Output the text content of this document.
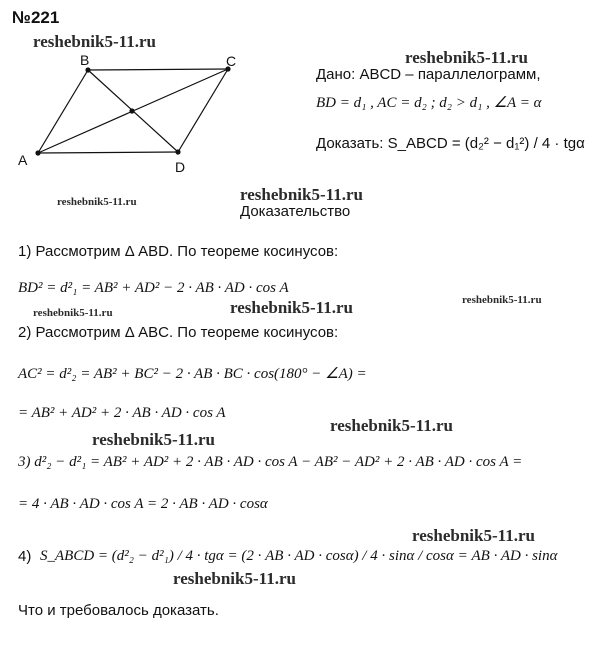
№221
reshebnik5-11.ru
reshebnik5-11.ru
reshebnik5-11.ru
reshebnik5-11.ru
reshebnik5-11.ru
reshebnik5-11.ru	reshebnik5-11.ru
reshebnik5-11.ru
reshebnik5-11.ru
reshebnik5-11.ru
reshebnik5-11.ru
A
B	C
D
Дано: ABCD – параллелограмм,
BD = d₁ , AC = d₂ ; d₂ > d₁ , ∠A = α
Доказать: S_ABCD = (d₂² − d₁²) / 4 · tgα
Доказательство
1) Рассмотрим Δ ABD. По теореме косинусов:
BD² = d²₁ = AB² + AD² − 2 · AB · AD · cos A
2) Рассмотрим Δ ABC. По теореме косинусов:
AC² = d²₂ = AB² + BC² − 2 · AB · BC · cos(180° − ∠A) =
= AB² + AD² + 2 · AB · AD · cos A
3) d²₂ − d²₁ = AB² + AD² + 2 · AB · AD · cos A − AB² − AD² + 2 · AB · AD · cos A =
= 4 · AB · AD · cos A = 2 · AB · AD · cosα
4) S_ABCD = (d²₂ − d²₁) / 4 · tgα = (2 · AB · AD · cosα) / 4 · sinα / cosα = AB · AD · sinα
Что и требовалось доказать.
